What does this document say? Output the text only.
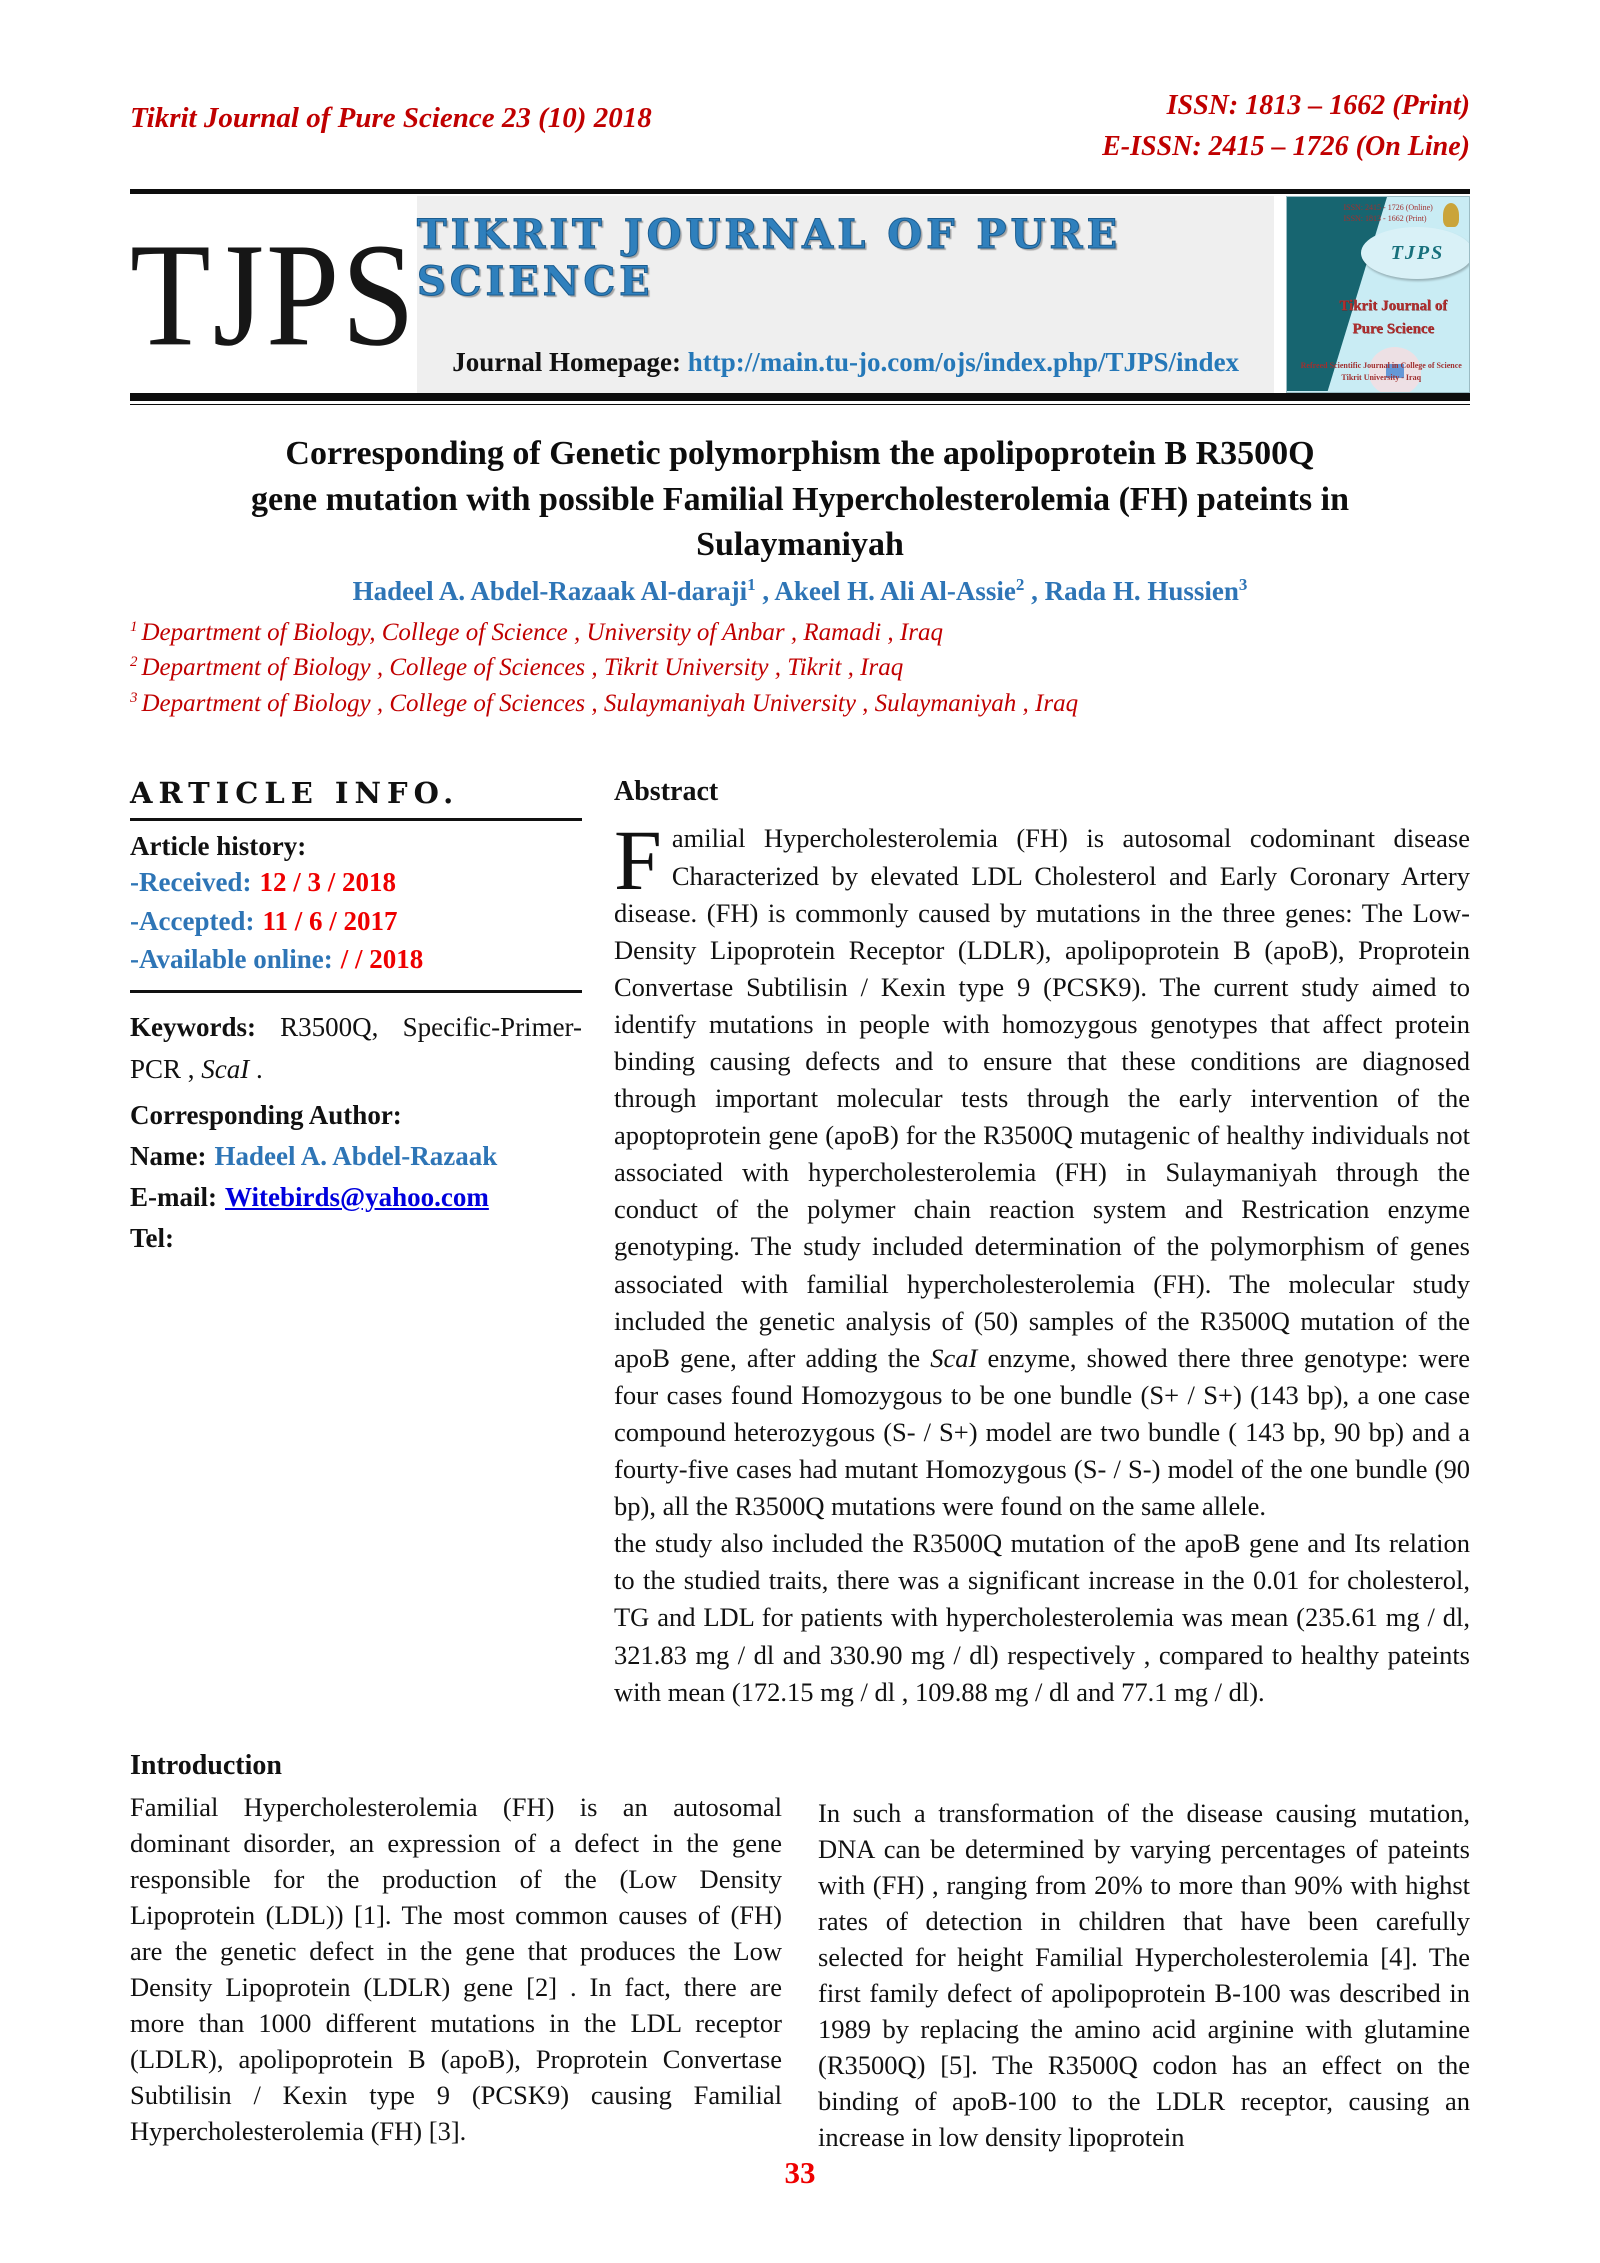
Tikrit Journal of Pure Science 23 (10) 2018	ISSN: 1813 – 1662 (Print)
E-ISSN: 2415 – 1726 (On Line)
TJPS TIKRIT JOURNAL OF PURE SCIENCE
Journal Homepage: http://main.tu-jo.com/ojs/index.php/TJPS/index
ISSN: 2415 - 1726 (Online)
ISSN: 1813 - 1662 (Print)
TJPS
Tikrit Journal of
Pure Science
Refreed Scientific Journal in College of Science
Tikrit University - Iraq
Corresponding of Genetic polymorphism the apolipoprotein B R3500Q
gene mutation with possible Familial Hypercholesterolemia (FH) pateints in
Sulaymaniyah
Hadeel A. Abdel-Razaak Al-daraji$^1$ , Akeel H. Ali Al-Assie$^2$ , Rada H. Hussien$^3$
$^1$ Department of Biology, College of Science , University of Anbar , Ramadi , Iraq
$^2$ Department of Biology , College of Sciences , Tikrit University , Tikrit , Iraq
$^3$ Department of Biology , College of Sciences , Sulaymaniyah University , Sulaymaniyah , Iraq
ARTICLE INFO.
Article history:
-Received: 12 / 3 / 2018
-Accepted: 11 / 6 / 2017
-Available online: / / 2018
Keywords: R3500Q, Specific-Primer-PCR , ScaI .
Corresponding Author:
Name: Hadeel A. Abdel-Razaak
E-mail: Witebirds@yahoo.com
Tel:
Abstract

Familial Hypercholesterolemia (FH) is autosomal codominant disease Characterized by elevated LDL Cholesterol and Early Coronary Artery disease. (FH) is commonly caused by mutations in the three genes: The Low-Density Lipoprotein Receptor (LDLR), apolipoprotein B (apoB), Proprotein Convertase Subtilisin / Kexin type 9 (PCSK9). The current study aimed to identify mutations in people with homozygous genotypes that affect protein binding causing defects and to ensure that these conditions are diagnosed through important molecular tests through the early intervention of the apoptoprotein gene (apoB) for the R3500Q mutagenic of healthy individuals not associated with hypercholesterolemia (FH) in Sulaymaniyah through the conduct of the polymer chain reaction system and Restrication enzyme genotyping. The study included determination of the polymorphism of genes associated with familial hypercholesterolemia (FH). The molecular study included the genetic analysis of (50) samples of the R3500Q mutation of the apoB gene, after adding the ScaI enzyme, showed there three genotype: were four cases found Homozygous to be one bundle (S+ / S+) (143 bp), a one case compound heterozygous (S- / S+) model are two bundle ( 143 bp, 90 bp) and a fourty-five cases had mutant Homozygous (S- / S-) model of the one bundle (90 bp), all the R3500Q mutations were found on the same allele.

the study also included the R3500Q mutation of the apoB gene and Its relation to the studied traits, there was a significant increase in the 0.01 for cholesterol, TG and LDL for patients with hypercholesterolemia was mean (235.61 mg / dl, 321.83 mg / dl and 330.90 mg / dl) respectively , compared to healthy pateints with mean (172.15 mg / dl , 109.88 mg / dl and 77.1 mg / dl).

Introduction
Familial Hypercholesterolemia (FH) is an autosomal dominant disorder, an expression of a defect in the gene responsible for the production of the (Low Density Lipoprotein (LDL)) [1]. The most common causes of (FH) are the genetic defect in the gene that produces the Low Density Lipoprotein (LDLR) gene [2] . In fact, there are more than 1000 different mutations in the LDL receptor (LDLR), apolipoprotein B (apoB), Proprotein Convertase Subtilisin / Kexin type 9 (PCSK9) causing Familial Hypercholesterolemia (FH) [3].
In such a transformation of the disease causing mutation, DNA can be determined by varying percentages of pateints with (FH) , ranging from 20% to more than 90% with highst rates of detection in children that have been carefully selected for height Familial Hypercholesterolemia [4]. The first family defect of apolipoprotein B-100 was described in 1989 by replacing the amino acid arginine with glutamine (R3500Q) [5]. The R3500Q codon has an effect on the binding of apoB-100 to the LDLR receptor, causing an increase in low density lipoprotein
33
